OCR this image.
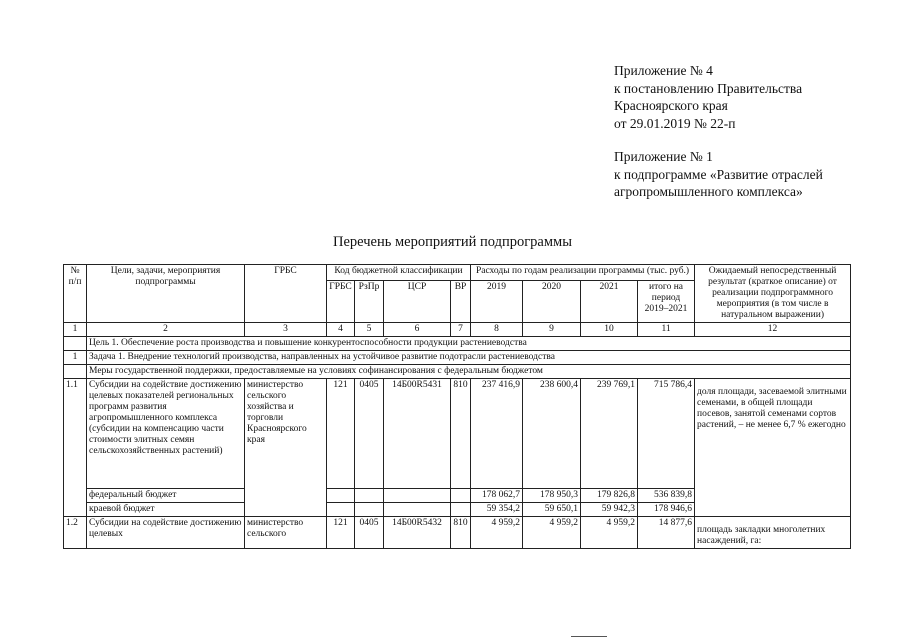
Приложение № 4
к постановлению Правительства
Красноярского края
от 29.01.2019 № 22-п
Приложение № 1
к подпрограмме «Развитие отраслей
агропромышленного комплекса»
Перечень мероприятий подпрограммы
№ п/п	Цели, задачи, мероприятия подпрограммы	ГРБС	Код бюджетной классификации				Расходы по годам реализации программы (тыс. руб.)				Ожидаемый непосредственный результат (краткое описание) от реализации подпрограммного мероприятия (в том числе в натуральном выражении)
			ГРБС	РзПр	ЦСР	ВР	2019	2020	2021	итого на период 2019–2021	
1	2	3	4	5	6	7	8	9	10	11	12
	Цель 1. Обеспечение роста производства и повышение конкурентоспособности продукции растениеводства										
1	Задача 1. Внедрение технологий производства, направленных на устойчивое развитие подотрасли растениеводства										
	Меры государственной поддержки, предоставляемые на условиях софинансирования с федеральным бюджетом										
1.1	Субсидии на содействие достижению целевых показателей региональных программ развития агропромышленного комплекса (субсидии на компенсацию части стоимости элитных семян сельскохозяйственных растений)	министерство сельского хозяйства и торговли Красноярского края	121	0405	14Б00R5431	810	237 416,9	238 600,4	239 769,1	715 786,4	доля площади, засеваемой элитными семенами, в общей площади посевов, занятой семенами сортов растений, – не менее 6,7 % ежегодно
	федеральный бюджет						178 062,7	178 950,3	179 826,8	536 839,8	
	краевой бюджет						59 354,2	59 650,1	59 942,3	178 946,6	
1.2	Субсидии на содействие достижению целевых	министерство сельского	121	0405	14Б00R5432	810	4 959,2	4 959,2	4 959,2	14 877,6	площадь закладки многолетних насаждений, га:
